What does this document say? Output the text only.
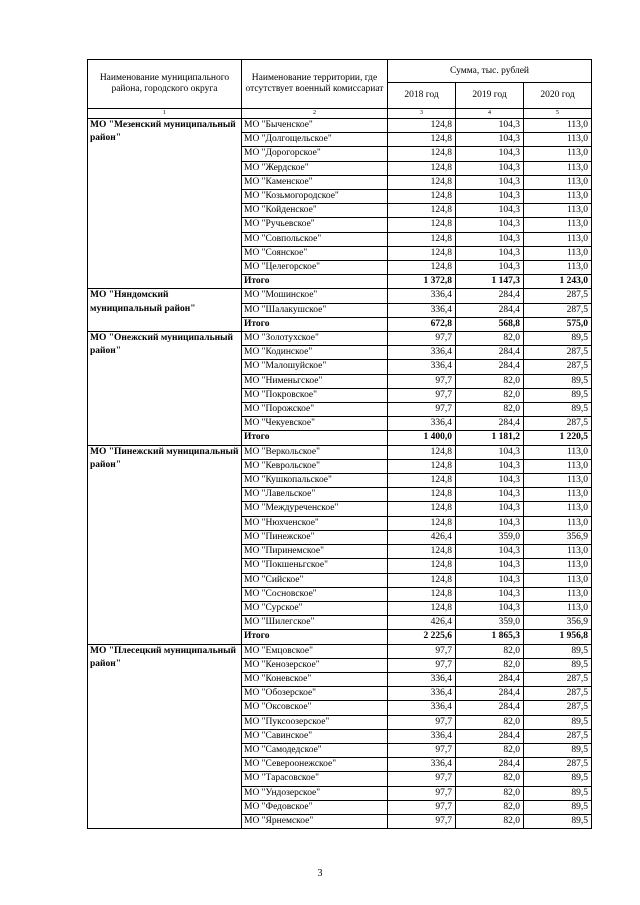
Наименование муниципального района, городского округа	Наименование территории, где отсутствует военный комиссариат	Сумма, тыс. рублей		
		2018 год	2019 год	2020 год
1	2	3	4	5
МО "Мезенский муниципальный район"	МО "Быченское"	124,8	104,3	113,0
	МО "Долгощельское"	124,8	104,3	113,0
	МО "Дорогорское"	124,8	104,3	113,0
	МО "Жердское"	124,8	104,3	113,0
	МО "Каменское"	124,8	104,3	113,0
	МО "Козьмогородское"	124,8	104,3	113,0
	МО "Койденское"	124,8	104,3	113,0
	МО "Ручьевское"	124,8	104,3	113,0
	МО "Совпольское"	124,8	104,3	113,0
	МО "Соянское"	124,8	104,3	113,0
	МО "Целегорское"	124,8	104,3	113,0
	Итого	1 372,8	1 147,3	1 243,0
МО "Няндомский муниципальный район"	МО "Мошинское"	336,4	284,4	287,5
	МО "Шалакушское"	336,4	284,4	287,5
	Итого	672,8	568,8	575,0
МО "Онежский муниципальный район"	МО "Золотухское"	97,7	82,0	89,5
	МО "Кодинское"	336,4	284,4	287,5
	МО "Малошуйское"	336,4	284,4	287,5
	МО "Нименьгское"	97,7	82,0	89,5
	МО "Покровское"	97,7	82,0	89,5
	МО "Порожское"	97,7	82,0	89,5
	МО "Чекуевское"	336,4	284,4	287,5
	Итого	1 400,0	1 181,2	1 220,5
МО "Пинежский муниципальный район"	МО "Веркольское"	124,8	104,3	113,0
	МО "Кеврольское"	124,8	104,3	113,0
	МО "Кушкопальское"	124,8	104,3	113,0
	МО "Лавельское"	124,8	104,3	113,0
	МО "Междуреченское"	124,8	104,3	113,0
	МО "Нюхченское"	124,8	104,3	113,0
	МО "Пинежское"	426,4	359,0	356,9
	МО "Пиринемское"	124,8	104,3	113,0
	МО "Покшеньгское"	124,8	104,3	113,0
	МО "Сийское"	124,8	104,3	113,0
	МО "Сосновское"	124,8	104,3	113,0
	МО "Сурское"	124,8	104,3	113,0
	МО "Шилегское"	426,4	359,0	356,9
	Итого	2 225,6	1 865,3	1 956,8
МО "Плесецкий муниципальный район"	МО "Емцовское"	97,7	82,0	89,5
	МО "Кенозерское"	97,7	82,0	89,5
	МО "Коневское"	336,4	284,4	287,5
	МО "Обозерское"	336,4	284,4	287,5
	МО "Оксовское"	336,4	284,4	287,5
	МО "Пуксоозерское"	97,7	82,0	89,5
	МО "Савинское"	336,4	284,4	287,5
	МО "Самодедское"	97,7	82,0	89,5
	МО "Североонежское"	336,4	284,4	287,5
	МО "Тарасовское"	97,7	82,0	89,5
	МО "Ундозерское"	97,7	82,0	89,5
	МО "Федовское"	97,7	82,0	89,5
	МО "Ярнемское"	97,7	82,0	89,5
3
